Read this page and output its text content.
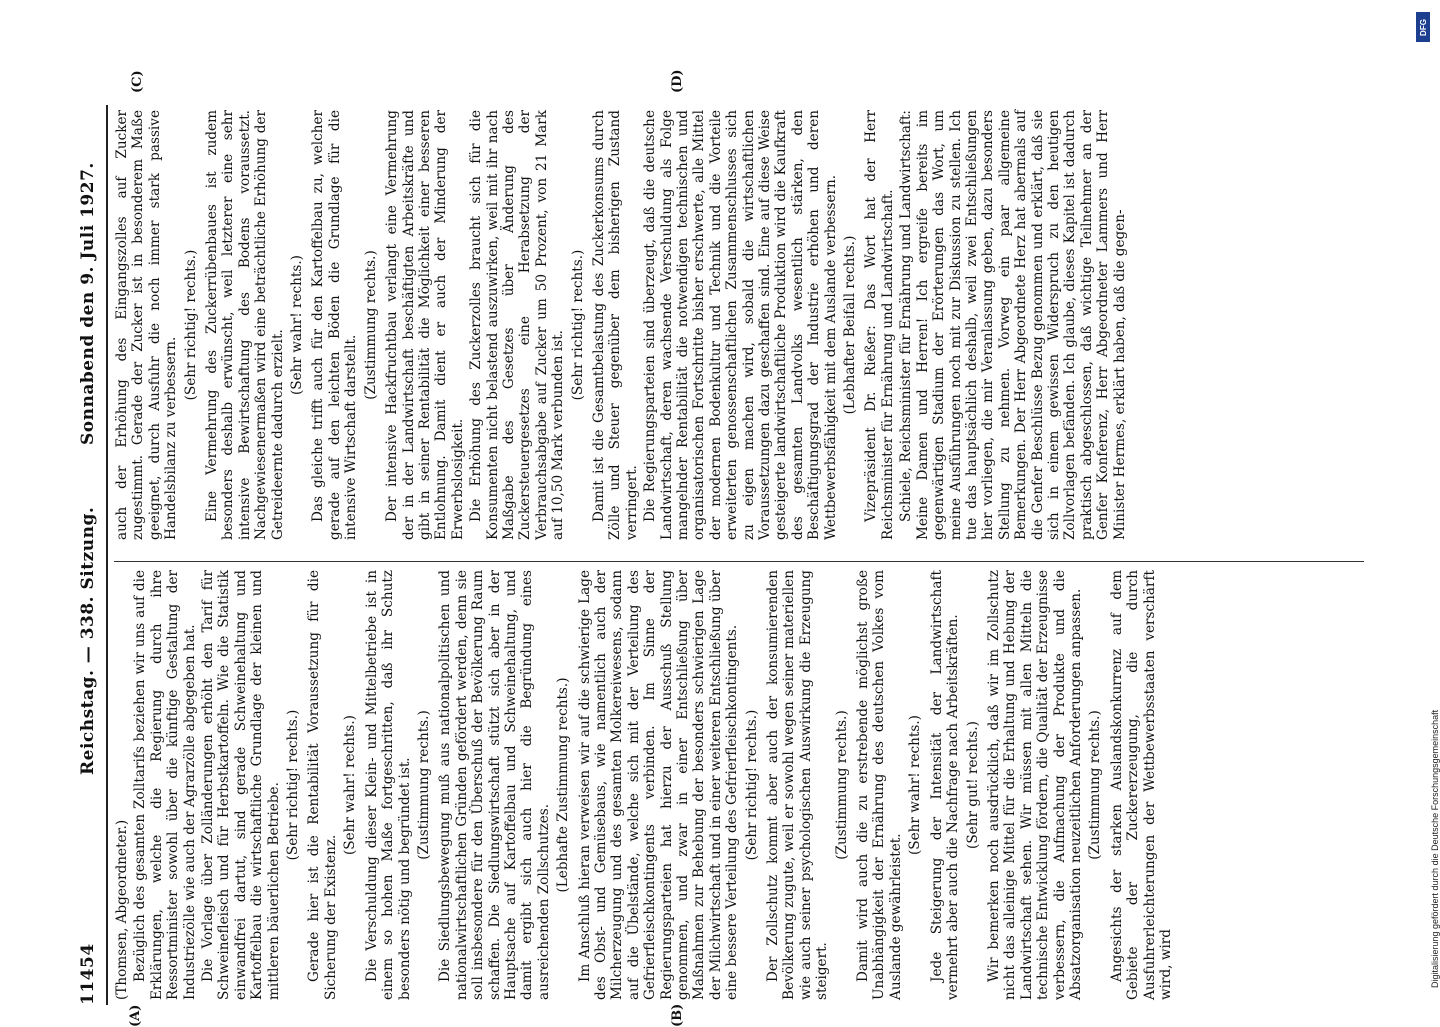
11454
Reichstag. — 338. Sitzung.
Sonnabend den 9. Juli 1927.
(A)	(B)
(C)	(D)

(Thomsen, Abgeordneter.) Bezüglich des gesamten Zolltarifs beziehen wir uns auf die Erklärungen, welche die Regierung durch ihre Ressortminister sowohl über die künftige Gestaltung der Industriezölle wie auch der Agrarzölle abgegeben hat. Die Vorlage über Zolländerungen erhöht den Tarif für Schweinefleisch und für Herbstkartoffeln. Wie die Statistik einwandfrei dartut, sind gerade Schweinehaltung und Kartoffelbau die wirtschaftliche Grundlage der kleinen und mittleren bäuerlichen Betriebe. (Sehr richtig! rechts.) Gerade hier ist die Rentabilität Voraussetzung für die Sicherung der Existenz.

(Sehr wahr! rechts.) Die Verschuldung dieser Klein- und Mittelbetriebe ist in einem so hohen Maße fortgeschritten, daß ihr Schutz besonders nötig und begründet ist. (Zustimmung rechts.) Die Siedlungsbewegung muß aus nationalpolitischen und nationalwirtschaftlichen Gründen gefördert werden, denn sie soll insbesondere für den Überschuß der Bevölkerung Raum schaffen. Die Siedlungswirtschaft stützt sich aber in der Hauptsache auf Kartoffelbau und Schweinehaltung, und damit ergibt sich auch hier die Begründung eines ausreichenden Zollschutzes.

(Lebhafte Zustimmung rechts.) Im Anschluß hieran verweisen wir auf die schwierige Lage des Obst- und Gemüsebaus, wie namentlich auch der Milcherzeugung und des gesamten Molkereiwesens, sodann auf die Übelstände, welche sich mit der Verteilung des Gefrierfleischkontingents verbinden. Im Sinne der Regierungsparteien hat hierzu der Ausschuß Stellung genommen, und zwar in einer Entschließung über Maßnahmen zur Behebung der besonders schwierigen Lage der Milchwirtschaft und in einer weiteren Entschließung über eine bessere Verteilung des Gefrierfleischkontingents. (Sehr richtig! rechts.) Der Zollschutz kommt aber auch der konsumierenden Bevölkerung zugute, weil er sowohl wegen seiner materiellen wie auch seiner psychologischen Auswirkung die Erzeugung steigert.

(Zustimmung rechts.) Damit wird auch die zu erstrebende möglichst große Unabhängigkeit der Ernährung des deutschen Volkes vom Auslande gewährleistet.

(Sehr wahr! rechts.) Jede Steigerung der Intensität der Landwirtschaft vermehrt aber auch die Nachfrage nach Arbeitskräften. (Sehr gut! rechts.) Wir bemerken noch ausdrücklich, daß wir im Zollschutz nicht das alleinige Mittel für die Erhaltung und Hebung der Landwirtschaft sehen. Wir müssen mit allen Mitteln die technische Entwicklung fördern, die Qualität der Erzeugnisse verbessern, die Aufmachung der Produkte und die Absatzorganisation neuzeitlichen Anforderungen anpassen. (Zustimmung rechts.) Angesichts der starken Auslandskonkurrenz auf dem Gebiete der Zuckererzeugung, die durch Ausfuhrerleichterungen der Wettbewerbsstaaten verschärft wird, wird

auch der Erhöhung des Eingangszolles auf Zucker zugestimmt. Gerade der Zucker ist in besonderem Maße geeignet, durch Ausfuhr die noch immer stark passive Handelsbilanz zu verbessern.

(Sehr richtig! rechts.) Eine Vermehrung des Zuckerrübenbaues ist zudem besonders deshalb erwünscht, weil letzterer eine sehr intensive Bewirtschaftung des Bodens voraussetzt. Nachgewiesenermaßen wird eine beträchtliche Erhöhung der Getreideernte dadurch erzielt.

(Sehr wahr! rechts.) Das gleiche trifft auch für den Kartoffelbau zu, welcher gerade auf den leichten Böden die Grundlage für die intensive Wirtschaft darstellt.

(Zustimmung rechts.) Der intensive Hackfruchtbau verlangt eine Vermehrung der in der Landwirtschaft beschäftigten Arbeitskräfte und gibt in seiner Rentabilität die Möglichkeit einer besseren Entlohnung. Damit dient er auch der Minderung der Erwerbslosigkeit. Die Erhöhung des Zuckerzolles braucht sich für die Konsumenten nicht belastend auszuwirken, weil mit ihr nach Maßgabe des Gesetzes über Änderung des Zuckersteuergesetzes eine Herabsetzung der Verbrauchsabgabe auf Zucker um 50 Prozent, von 21 Mark auf 10,50 Mark verbunden ist.

(Sehr richtig! rechts.) Damit ist die Gesamtbelastung des Zuckerkonsums durch Zölle und Steuer gegenüber dem bisherigen Zustand verringert. Die Regierungsparteien sind überzeugt, daß die deutsche Landwirtschaft, deren wachsende Verschuldung als Folge mangelnder Rentabilität die notwendigen technischen und organisatorischen Fortschritte bisher erschwerte, alle Mittel der modernen Bodenkultur und Technik und die Vorteile erweiterten genossenschaftlichen Zusammenschlusses sich zu eigen machen wird, sobald die wirtschaftlichen Voraussetzungen dazu geschaffen sind. Eine auf diese Weise gesteigerte landwirtschaftliche Produktion wird die Kaufkraft des gesamten Landvolks wesentlich stärken, den Beschäftigungsgrad der Industrie erhöhen und deren Wettbewerbsfähigkeit mit dem Auslande verbessern. (Lebhafter Beifall rechts.) Vizepräsident Dr. Rießer: Das Wort hat der Herr Reichsminister für Ernährung und Landwirtschaft. Schiele, Reichsminister für Ernährung und Landwirtschaft: Meine Damen und Herren! Ich ergreife bereits im gegenwärtigen Stadium der Erörterungen das Wort, um meine Ausführungen noch mit zur Diskussion zu stellen. Ich tue das hauptsächlich deshalb, weil zwei Entschließungen hier vorliegen, die mir Veranlassung geben, dazu besonders Stellung zu nehmen. Vorweg ein paar allgemeine Bemerkungen. Der Herr Abgeordnete Herz hat abermals auf die Genfer Beschlüsse Bezug genommen und erklärt, daß sie sich in einem gewissen Widerspruch zu den heutigen Zollvorlagen befänden. Ich glaube, dieses Kapitel ist dadurch praktisch abgeschlossen, daß wichtige Teilnehmer an der Genfer Konferenz, Herr Abgeordneter Lammers und Herr Minister Hermes, erklärt haben, daß die gegen-

DFG
Digitalisierung gefördert durch die Deutsche Forschungsgemeinschaft
